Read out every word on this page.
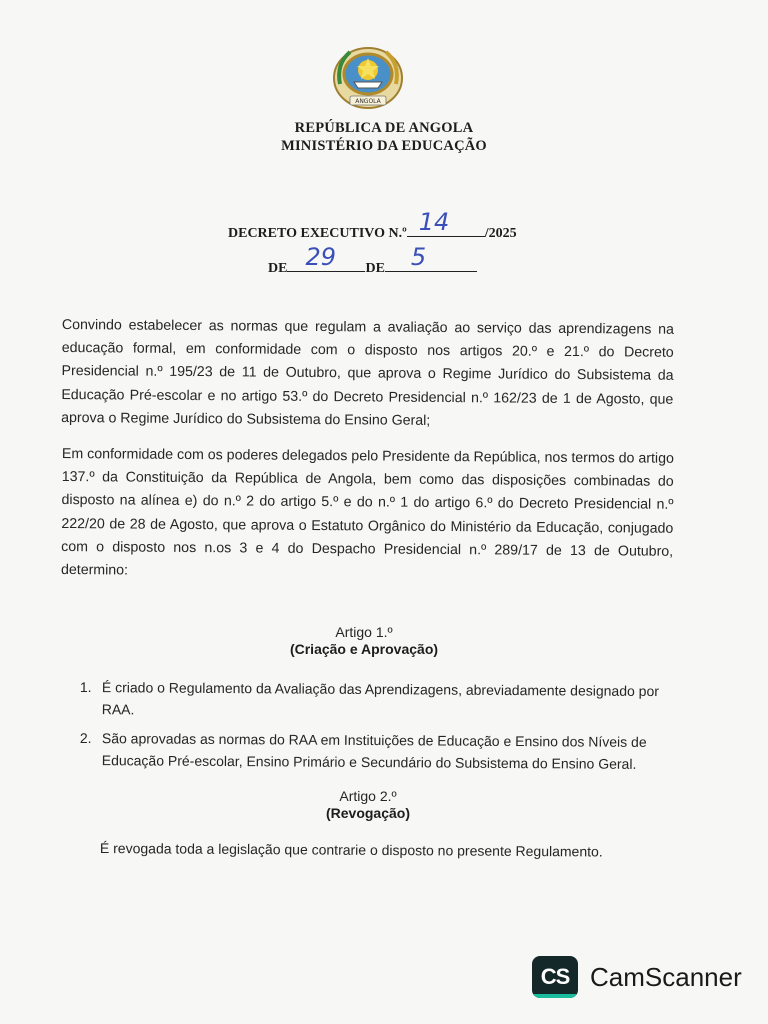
ANGOLA
REPÚBLICA DE ANGOLA
MINISTÉRIO DA EDUCAÇÃO
DECRETO EXECUTIVO N.º 14	/2025
DE 29 DE 5
Convindo estabelecer as normas que regulam a avaliação ao serviço das aprendizagens na educação formal, em conformidade com o disposto nos artigos 20.º e 21.º do Decreto Presidencial n.º 195/23 de 11 de Outubro, que aprova o Regime Jurídico do Subsistema da Educação Pré-escolar e no artigo 53.º do Decreto Presidencial n.º 162/23 de 1 de Agosto, que aprova o Regime Jurídico do Subsistema do Ensino Geral;
Em conformidade com os poderes delegados pelo Presidente da República, nos termos do artigo 137.º da Constituição da República de Angola, bem como das disposições combinadas do disposto na alínea e) do n.º 2 do artigo 5.º e do n.º 1 do artigo 6.º do Decreto Presidencial n.º 222/20 de 28 de Agosto, que aprova o Estatuto Orgânico do Ministério da Educação, conjugado com o disposto nos n.os 3 e 4 do Despacho Presidencial n.º 289/17 de 13 de Outubro, determino:
Artigo 1.º
(Criação e Aprovação)
1. É criado o Regulamento da Avaliação das Aprendizagens, abreviadamente designado por RAA.
2. São aprovadas as normas do RAA em Instituições de Educação e Ensino dos Níveis de Educação Pré-escolar, Ensino Primário e Secundário do Subsistema do Ensino Geral.
Artigo 2.º
(Revogação)
É revogada toda a legislação que contrarie o disposto no presente Regulamento.
CS CamScanner
